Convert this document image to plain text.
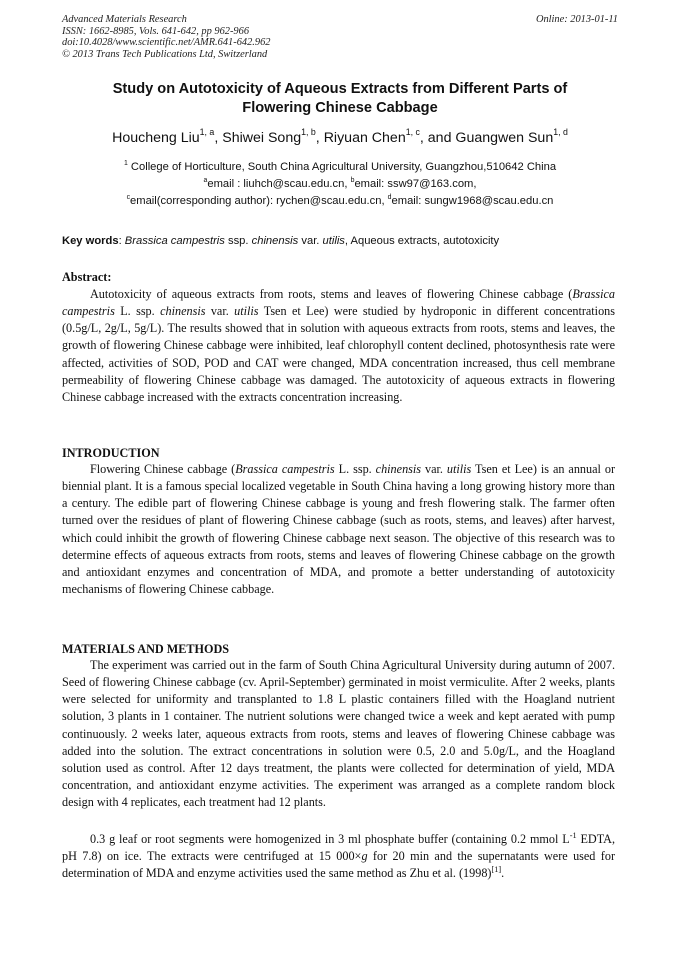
Advanced Materials Research
ISSN: 1662-8985, Vols. 641-642, pp 962-966
doi:10.4028/www.scientific.net/AMR.641-642.962
© 2013 Trans Tech Publications Ltd, Switzerland
Online: 2013-01-11
Study on Autotoxicity of Aqueous Extracts from Different Parts of
Flowering Chinese Cabbage
Houcheng Liu$^{1, a}$, Shiwei Song$^{1, b}$, Riyuan Chen$^{1, c}$, and Guangwen Sun$^{1, d}$
$^1$ College of Horticulture, South China Agricultural University, Guangzhou,510642 China
$^a$email : liuhch@scau.edu.cn, $^b$email: ssw97@163.com,
$^c$email(corresponding author): rychen@scau.edu.cn, $^d$email: sungw1968@scau.edu.cn
Key words: Brassica campestris ssp. chinensis var. utilis, Aqueous extracts, autotoxicity
Abstract:

Autotoxicity of aqueous extracts from roots, stems and leaves of flowering Chinese cabbage (Brassica campestris L. ssp. chinensis var. utilis Tsen et Lee) were studied by hydroponic in different concentrations (0.5g/L, 2g/L, 5g/L). The results showed that in solution with aqueous extracts from roots, stems and leaves, the growth of flowering Chinese cabbage were inhibited, leaf chlorophyll content declined, photosynthesis rate were affected, activities of SOD, POD and CAT were changed, MDA concentration increased, thus cell membrane permeability of flowering Chinese cabbage was damaged. The autotoxicity of aqueous extracts in flowering Chinese cabbage increased with the extracts concentration increasing.

INTRODUCTION

Flowering Chinese cabbage (Brassica campestris L. ssp. chinensis var. utilis Tsen et Lee) is an annual or biennial plant. It is a famous special localized vegetable in South China having a long growing history more than a century. The edible part of flowering Chinese cabbage is young and fresh flowering stalk. The farmer often turned over the residues of plant of flowering Chinese cabbage (such as roots, stems, and leaves) after harvest, which could inhibit the growth of flowering Chinese cabbage next season. The objective of this research was to determine effects of aqueous extracts from roots, stems and leaves of flowering Chinese cabbage on the growth and antioxidant enzymes and concentration of MDA, and promote a better understanding of autotoxicity mechanisms of flowering Chinese cabbage.

MATERIALS AND METHODS

The experiment was carried out in the farm of South China Agricultural University during autumn of 2007. Seed of flowering Chinese cabbage (cv. April-September) germinated in moist vermiculite. After 2 weeks, plants were selected for uniformity and transplanted to 1.8 L plastic containers filled with the Hoagland nutrient solution, 3 plants in 1 container. The nutrient solutions were changed twice a week and kept aerated with pump continuously. 2 weeks later, aqueous extracts from roots, stems and leaves of flowering Chinese cabbage was added into the solution. The extract concentrations in solution were 0.5, 2.0 and 5.0g/L, and the Hoagland solution used as control. After 12 days treatment, the plants were collected for determination of yield, MDA concentration, and antioxidant enzyme activities. The experiment was arranged as a complete random block design with 4 replicates, each treatment had 12 plants.

0.3 g leaf or root segments were homogenized in 3 ml phosphate buffer (containing 0.2 mmol L$^{-1}$ EDTA, pH 7.8) on ice. The extracts were centrifuged at 15 000×g for 20 min and the supernatants were used for determination of MDA and enzyme activities used the same method as Zhu et al. (1998)[1].
